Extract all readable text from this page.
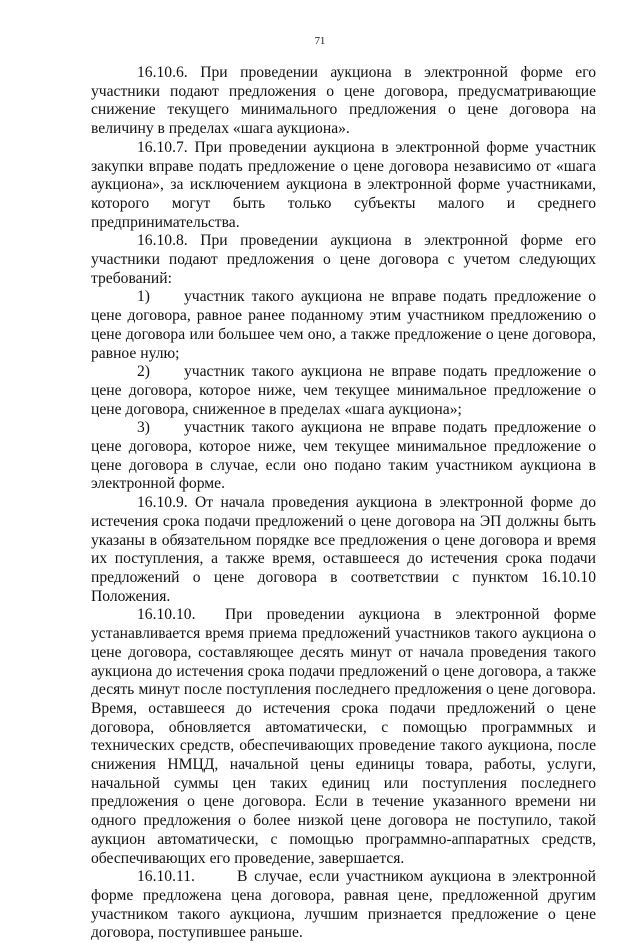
71

16.10.6. При проведении аукциона в электронной форме его участники подают предложения о цене договора, предусматривающие снижение текущего минимального предложения о цене договора на величину в пределах «шага аукциона».

16.10.7. При проведении аукциона в электронной форме участник закупки вправе подать предложение о цене договора независимо от «шага аукциона», за исключением аукциона в электронной форме участниками, которого могут быть только субъекты малого и среднего предпринимательства.

16.10.8. При проведении аукциона в электронной форме его участники подают предложения о цене договора с учетом следующих требований:

1) участник такого аукциона не вправе подать предложение о цене договора, равное ранее поданному этим участником предложению о цене договора или большее чем оно, а также предложение о цене договора, равное нулю;

2) участник такого аукциона не вправе подать предложение о цене договора, которое ниже, чем текущее минимальное предложение о цене договора, сниженное в пределах «шага аукциона»;

3) участник такого аукциона не вправе подать предложение о цене договора, которое ниже, чем текущее минимальное предложение о цене договора в случае, если оно подано таким участником аукциона в электронной форме.

16.10.9. От начала проведения аукциона в электронной форме до истечения срока подачи предложений о цене договора на ЭП должны быть указаны в обязательном порядке все предложения о цене договора и время их поступления, а также время, оставшееся до истечения срока подачи предложений о цене договора в соответствии с пунктом 16.10.10 Положения.

16.10.10. При проведении аукциона в электронной форме устанавливается время приема предложений участников такого аукциона о цене договора, составляющее десять минут от начала проведения такого аукциона до истечения срока подачи предложений о цене договора, а также десять минут после поступления последнего предложения о цене договора. Время, оставшееся до истечения срока подачи предложений о цене договора, обновляется автоматически, с помощью программных и технических средств, обеспечивающих проведение такого аукциона, после снижения НМЦД, начальной цены единицы товара, работы, услуги, начальной суммы цен таких единиц или поступления последнего предложения о цене договора. Если в течение указанного времени ни одного предложения о более низкой цене договора не поступило, такой аукцион автоматически, с помощью программно-аппаратных средств, обеспечивающих его проведение, завершается.

16.10.11.	В случае, если участником аукциона в электронной форме предложена цена договора, равная цене, предложенной другим участником такого аукциона, лучшим признается предложение о цене договора, поступившее раньше.
